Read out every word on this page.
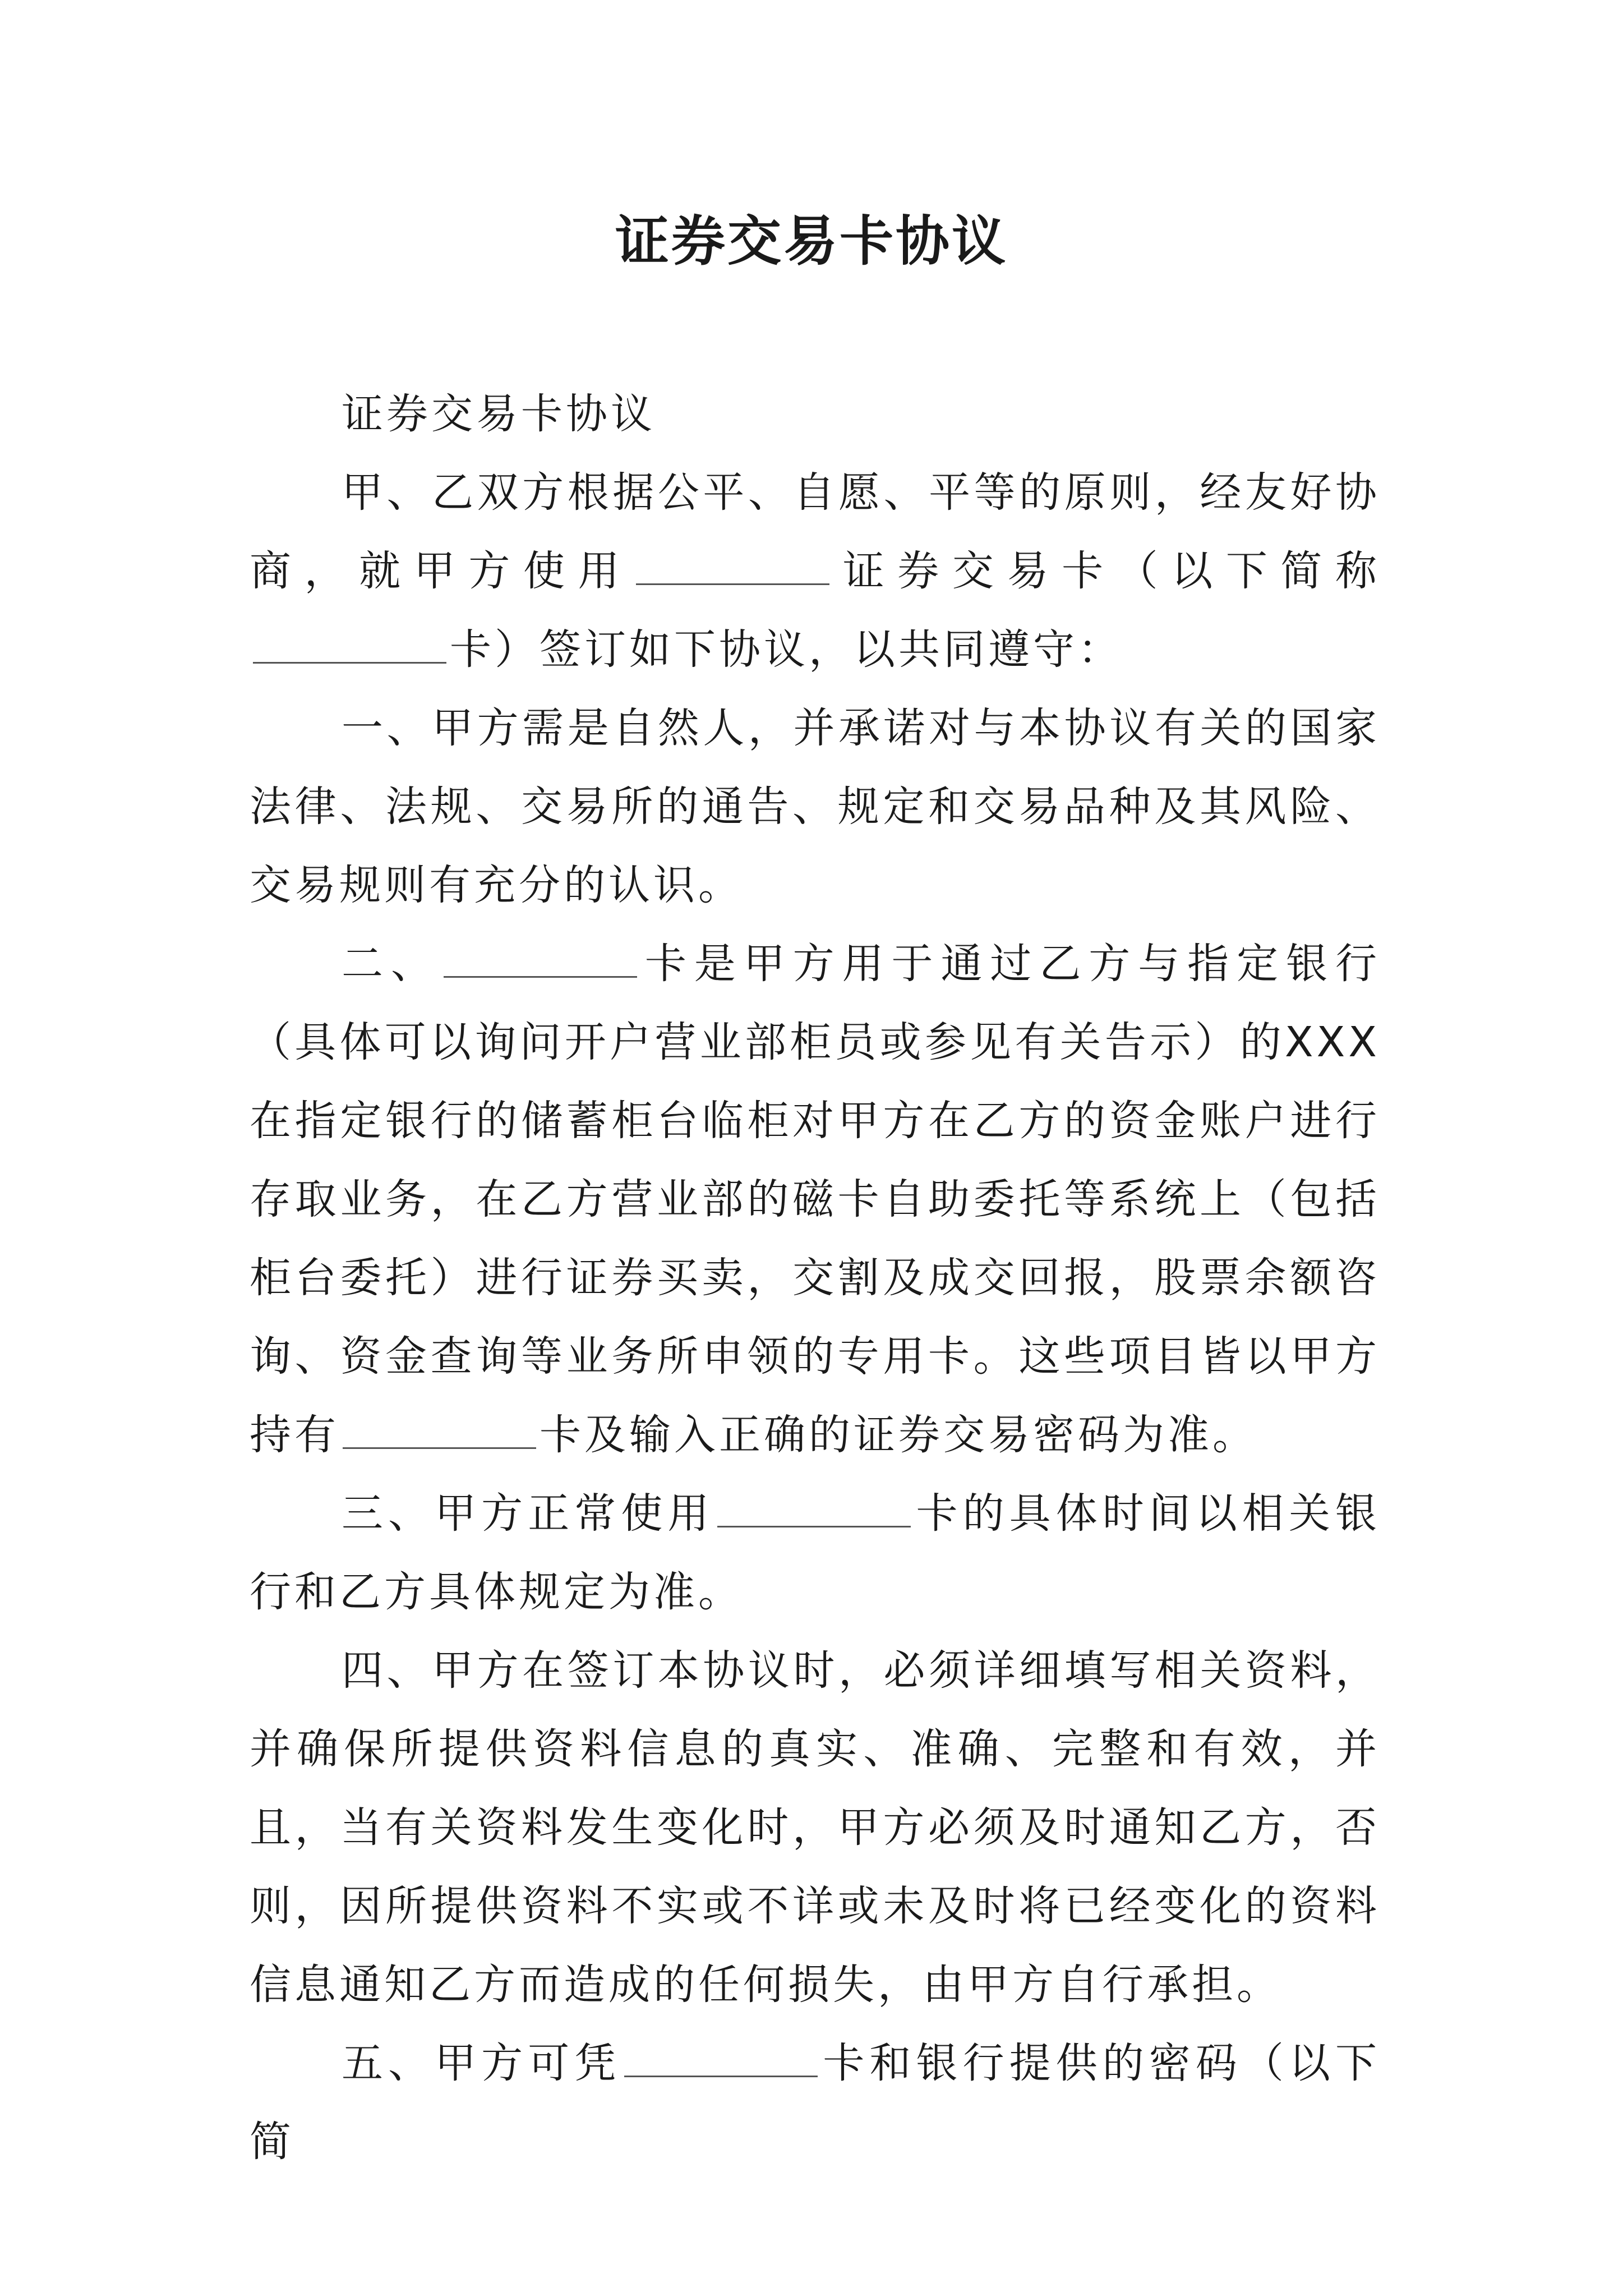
证券交易卡协议

证券交易卡协议

甲、乙双方根据公平、自愿、平等的原则，经友好协商，就甲方使用	证券交易卡（以下简称卡）签订如下协议，以共同遵守：

一、甲方需是自然人，并承诺对与本协议有关的国家法律、法规、交易所的通告、规定和交易品种及其风险、交易规则有充分的认识。

二、	卡是甲方用于通过乙方与指定银行（具体可以询问开户营业部柜员或参见有关告示）的XXX在指定银行的储蓄柜台临柜对甲方在乙方的资金账户进行存取业务，在乙方营业部的磁卡自助委托等系统上（包括柜台委托）进行证券买卖，交割及成交回报，股票余额咨询、资金查询等业务所申领的专用卡。这些项目皆以甲方持有	卡及输入正确的证券交易密码为准。

三、甲方正常使用	卡的具体时间以相关银行和乙方具体规定为准。

四、甲方在签订本协议时，必须详细填写相关资料，并确保所提供资料信息的真实、准确、完整和有效，并且，当有关资料发生变化时，甲方必须及时通知乙方，否则，因所提供资料不实或不详或未及时将已经变化的资料信息通知乙方而造成的任何损失，由甲方自行承担。

五、甲方可凭	卡和银行提供的密码（以下简
